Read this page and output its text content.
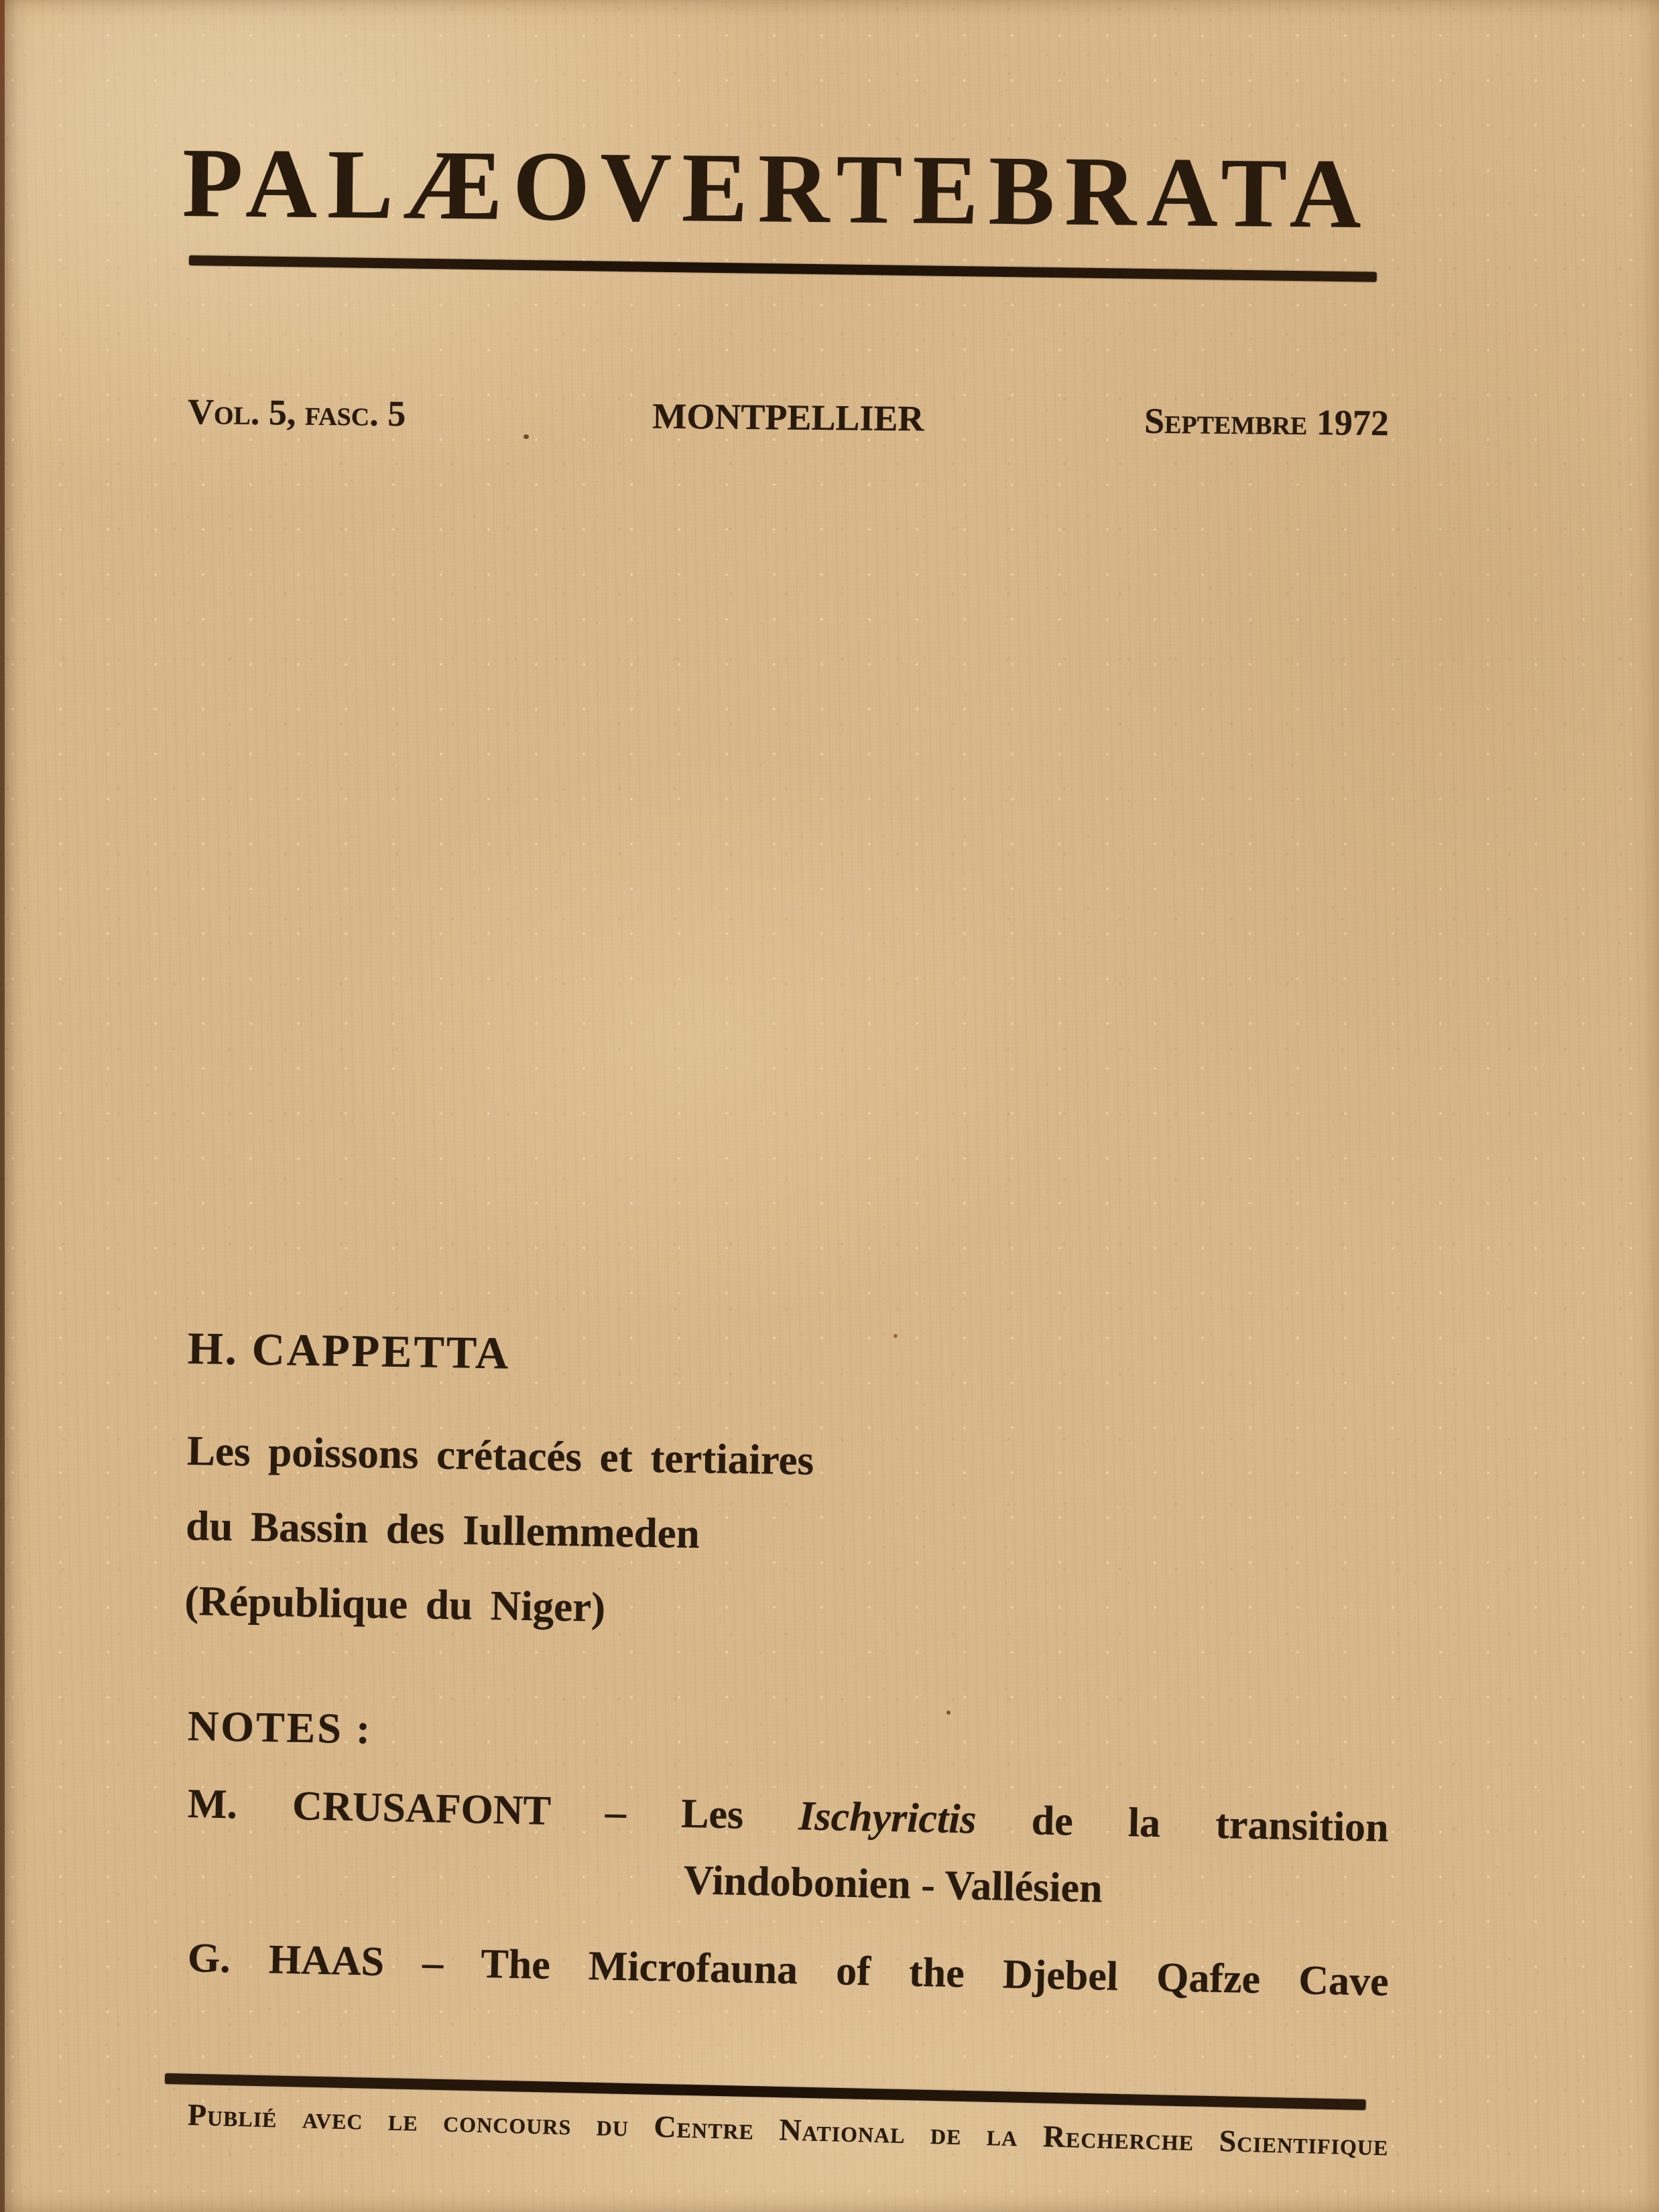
PALÆOVERTEBRATA
Vol. 5, fasc. 5	MONTPELLIER	Septembre 1972
H. CAPPETTA
Les poissons crétacés et tertiaires
du Bassin des Iullemmeden
(République du Niger)
NOTES :
M. CRUSAFONT – Les Ischyrictis de la transition
Vindobonien - Vallésien
G. HAAS – The Microfauna of the Djebel Qafze Cave
Publié avec le concours du Centre National de la Recherche Scientifique
